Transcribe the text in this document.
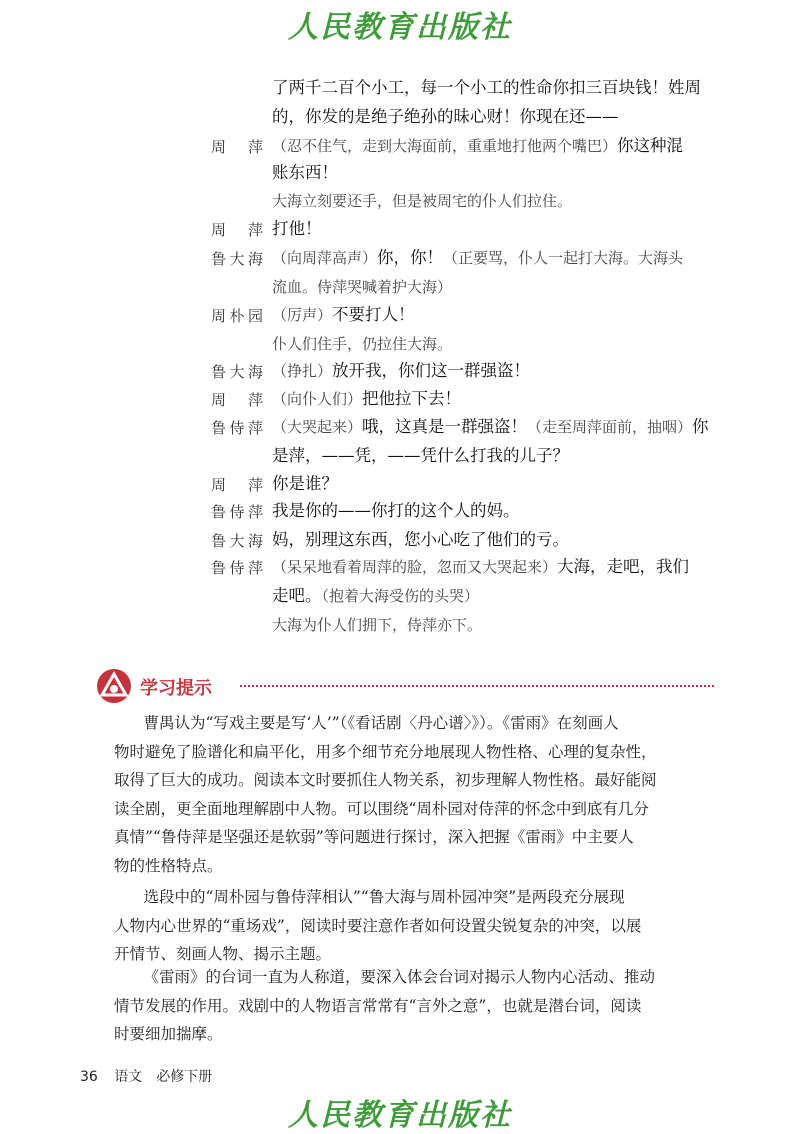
人民教育出版社
了两千二百个小工，每一个小工的性命你扣三百块钱！姓周
的，你发的是绝子绝孙的昧心财！你现在还——
周　萍 （忍不住气，走到大海面前，重重地打他两个嘴巴）你这种混
账东西！
大海立刻要还手，但是被周宅的仆人们拉住。
周　萍 打他！
鲁大海 （向周萍高声）你，你！（正要骂，仆人一起打大海。大海头
流血。侍萍哭喊着护大海）
周朴园 （厉声）不要打人！
仆人们住手，仍拉住大海。
鲁大海 （挣扎）放开我，你们这一群强盗！
周　萍 （向仆人们）把他拉下去！
鲁侍萍 （大哭起来）哦，这真是一群强盗！（走至周萍面前，抽咽）你
是萍，——凭，——凭什么打我的儿子？
周　萍 你是谁？
鲁侍萍 我是你的——你打的这个人的妈。
鲁大海 妈，别理这东西，您小心吃了他们的亏。
鲁侍萍 （呆呆地看着周萍的脸，忽而又大哭起来）大海，走吧，我们
走吧。（抱着大海受伤的头哭）
大海为仆人们拥下，侍萍亦下。
学习提示
曹禺认为“写戏主要是写‘人’”（《看话剧〈丹心谱〉》）。《雷雨》在刻画人
物时避免了脸谱化和扁平化，用多个细节充分地展现人物性格、心理的复杂性，
取得了巨大的成功。阅读本文时要抓住人物关系，初步理解人物性格。最好能阅
读全剧，更全面地理解剧中人物。可以围绕“周朴园对侍萍的怀念中到底有几分
真情”“鲁侍萍是坚强还是软弱”等问题进行探讨，深入把握《雷雨》中主要人
物的性格特点。
选段中的“周朴园与鲁侍萍相认”“鲁大海与周朴园冲突”是两段充分展现
人物内心世界的“重场戏”，阅读时要注意作者如何设置尖锐复杂的冲突，以展
开情节、刻画人物、揭示主题。
《雷雨》的台词一直为人称道，要深入体会台词对揭示人物内心活动、推动
情节发展的作用。戏剧中的人物语言常常有“言外之意”，也就是潜台词，阅读
时要细加揣摩。
36 语文　必修下册
人民教育出版社
